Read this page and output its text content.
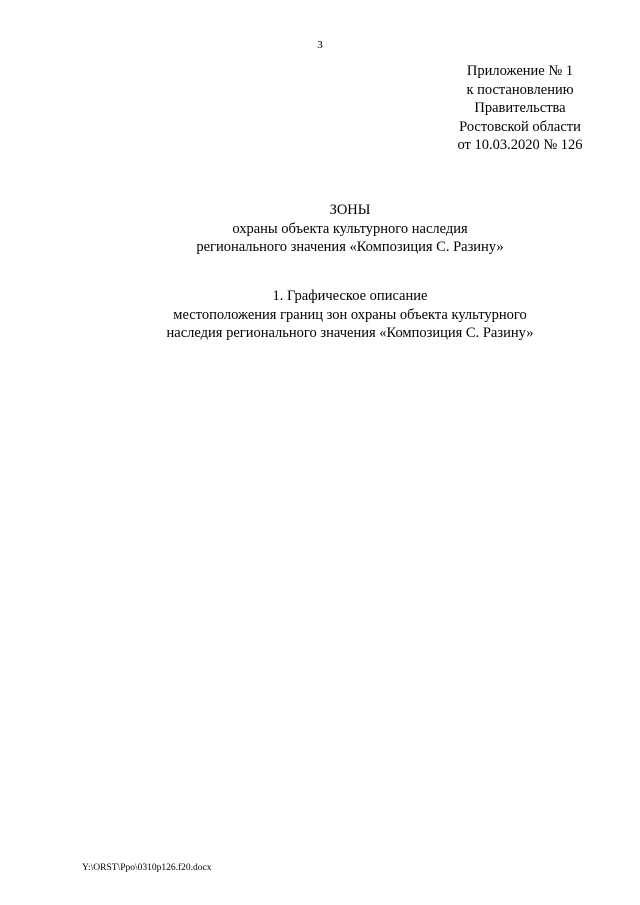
3
Приложение № 1
к постановлению
Правительства
Ростовской области
от 10.03.2020 № 126
ЗОНЫ
охраны объекта культурного наследия
регионального значения «Композиция С. Разину»
1. Графическое описание
местоположения границ зон охраны объекта культурного
наследия регионального значения «Композиция С. Разину»
Y:\ORST\Ppo\0310p126.f20.docx
